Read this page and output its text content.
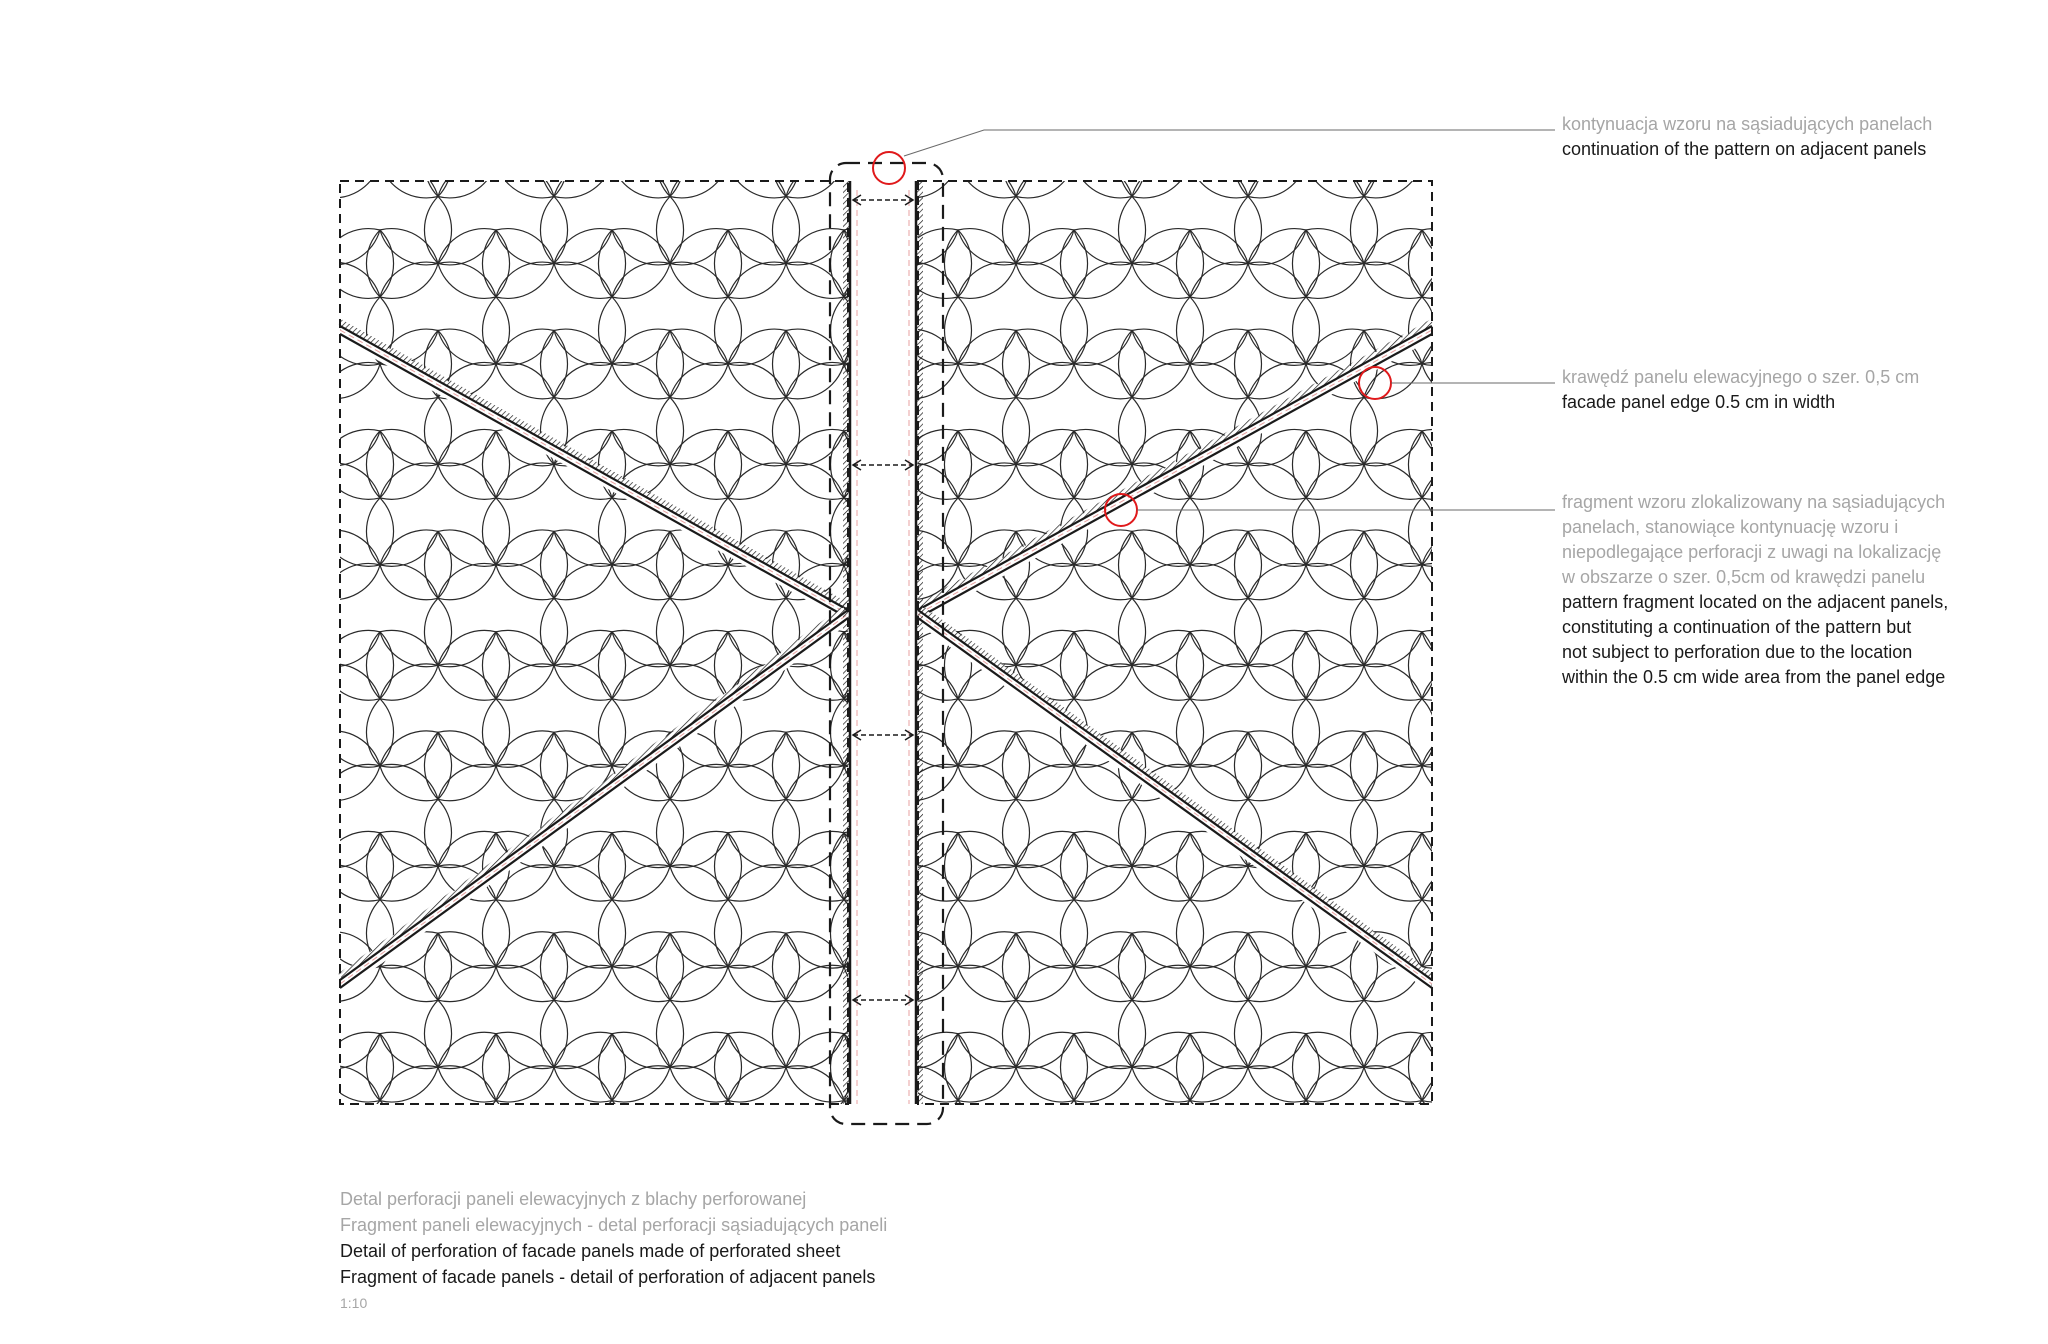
kontynuacja wzoru na sąsiadujących panelach
continuation of the pattern on adjacent panels
krawędź panelu elewacyjnego o szer. 0,5 cm
facade panel edge 0.5 cm in width
fragment wzoru zlokalizowany na sąsiadujących
panelach, stanowiące kontynuację wzoru i
niepodlegające perforacji z uwagi na lokalizację
w obszarze o szer. 0,5cm od krawędzi panelu
pattern fragment located on the adjacent panels,
constituting a continuation of the pattern but
not subject to perforation due to the location
within the 0.5 cm wide area from the panel edge
Detal perforacji paneli elewacyjnych z blachy perforowanej
Fragment paneli elewacyjnych - detal perforacji sąsiadujących paneli
Detail of perforation of facade panels made of perforated sheet
Fragment of facade panels - detail of perforation of adjacent panels
1:10
